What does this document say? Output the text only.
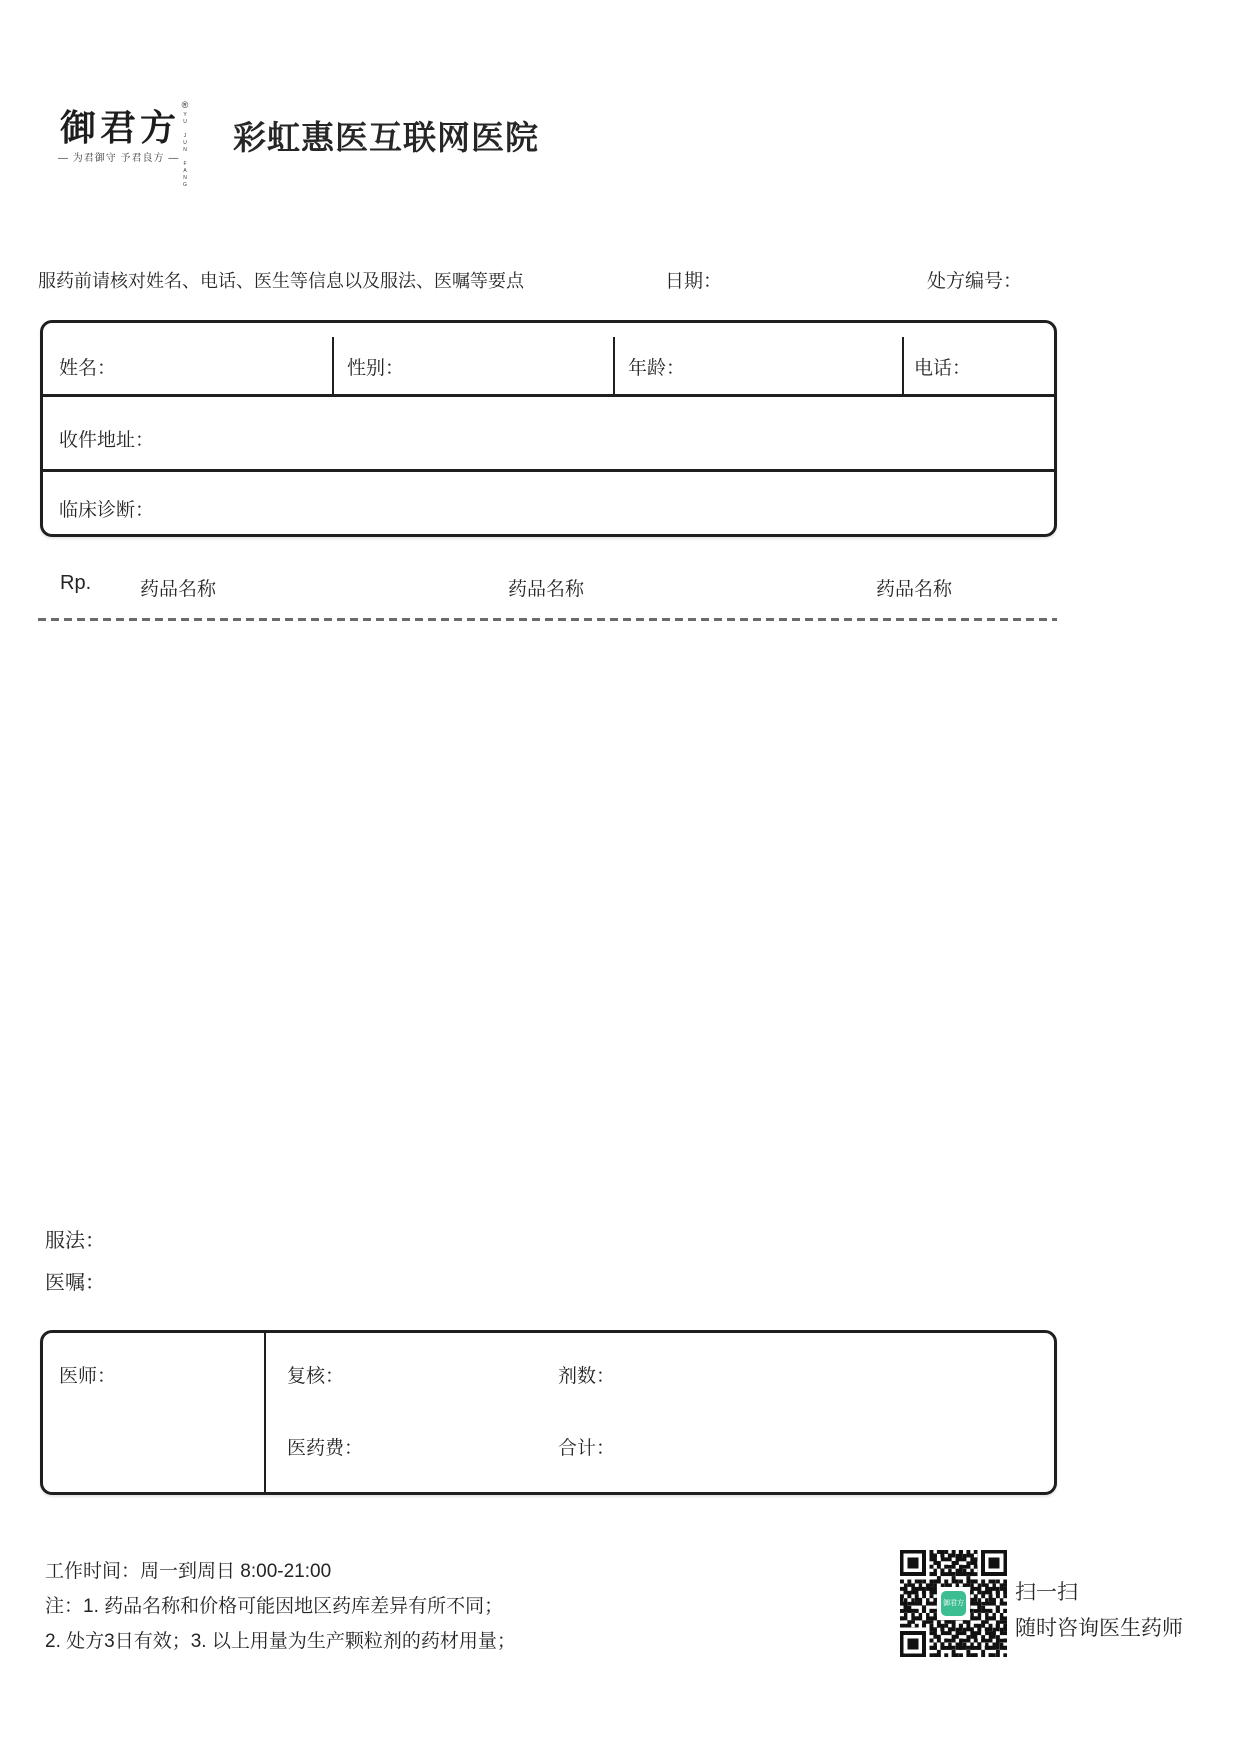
御君方
®
YU JUN FANG
— 为君御守 予君良方 —
彩虹惠医互联网医院
服药前请核对姓名、电话、医生等信息以及服法、医嘱等要点	日期：	处方编号：
姓名：	性别：	年龄：	电话：
收件地址：
临床诊断：
Rp.	药品名称	药品名称	药品名称
服法：
医嘱：
医师：	复核：	剂数：
医药费：	合计：
工作时间：周一到周日 8:00-21:00
注：1. 药品名称和价格可能因地区药库差异有所不同；
2. 处方3日有效；3. 以上用量为生产颗粒剂的药材用量；
御君方 扫一扫
随时咨询医生药师
